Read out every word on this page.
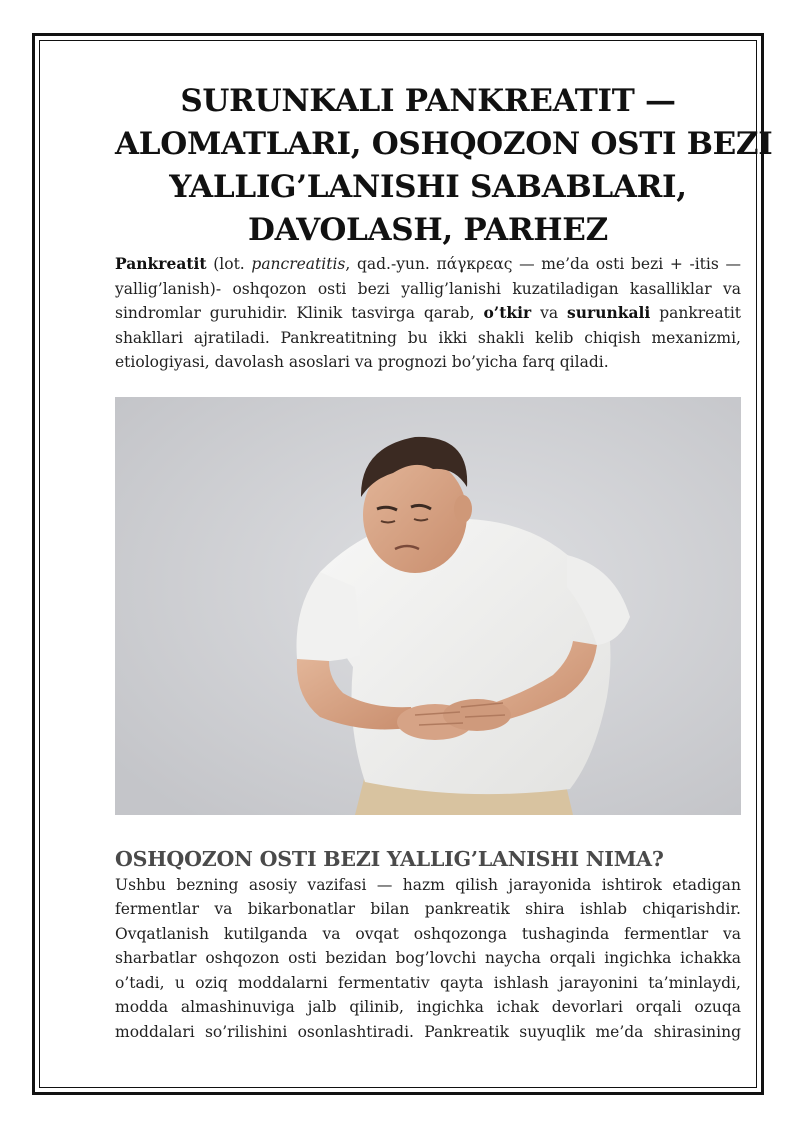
SURUNKALI PANKREATIT —
ALOMATLARI, OSHQOZON OSTI BEZI
YALLIG’LANISHI SABABLARI,
DAVOLASH, PARHEZ

Pankreatit (lot. pancreatitis, qad.-yun. πάγκρεας — me’da osti bezi + -itis —
yallig’lanish)- oshqozon osti bezi yallig’lanishi kuzatiladigan kasalliklar va
sindromlar guruhidir. Klinik tasvirga qarab, o’tkir va surunkali pankreatit
shakllari ajratiladi. Pankreatitning bu ikki shakli kelib chiqish mexanizmi,
etiologiyasi, davolash asoslari va prognozi bo’yicha farq qiladi.

OSHQOZON OSTI BEZI YALLIG’LANISHI NIMA?

Ushbu bezning asosiy vazifasi — hazm qilish jarayonida ishtirok etadigan
fermentlar va bikarbonatlar bilan pankreatik shira ishlab chiqarishdir.
Ovqatlanish kutilganda va ovqat oshqozonga tushaginda fermentlar va
sharbatlar oshqozon osti bezidan bog’lovchi naycha orqali ingichka ichakka
o’tadi, u oziq moddalarni fermentativ qayta ishlash jarayonini ta’minlaydi,
modda almashinuviga jalb qilinib, ingichka ichak devorlari orqali ozuqa
moddalari so’rilishini osonlashtiradi. Pankreatik suyuqlik me’da shirasining
